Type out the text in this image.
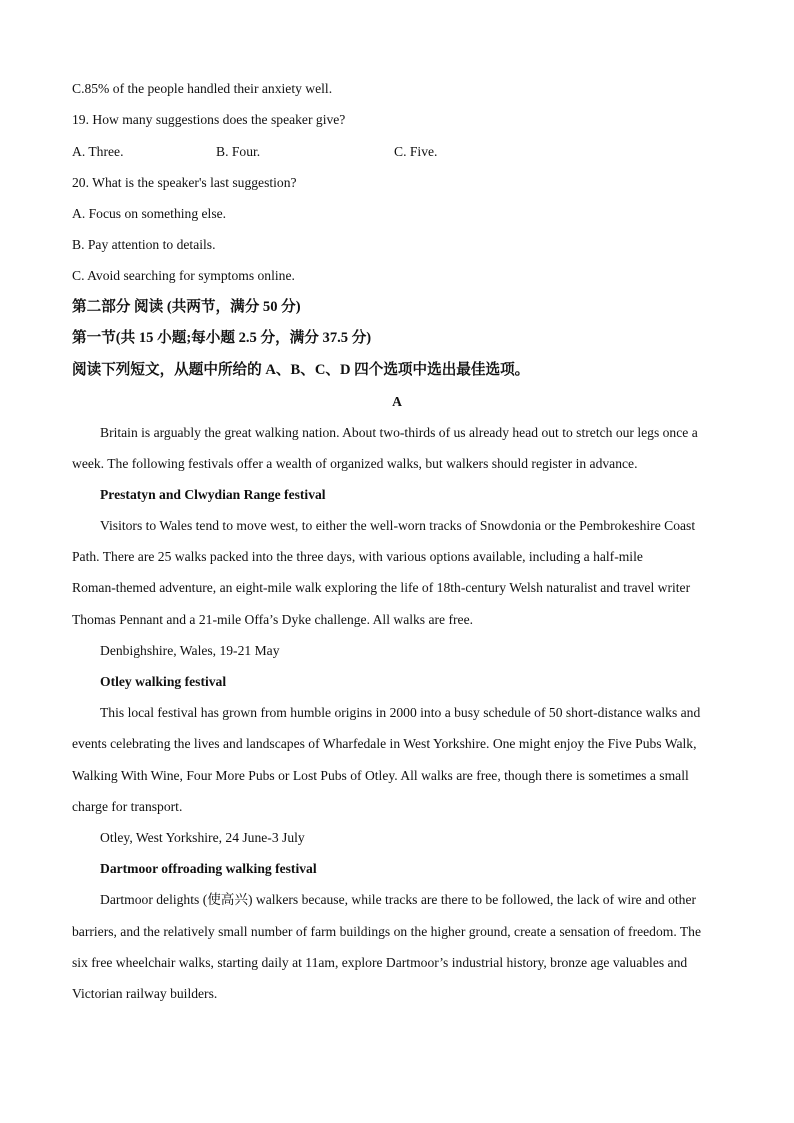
C.85% of the people handled their anxiety well.

19. How many suggestions does the speaker give?

A. Three.	B. Four.	C. Five.

20. What is the speaker's last suggestion?

A. Focus on something else.

B. Pay attention to details.

C. Avoid searching for symptoms online.

第二部分 阅读 (共两节，满分 50 分)

第一节(共 15 小题;每小题 2.5 分，满分 37.5 分)

阅读下列短文，从题中所给的 A、B、C、D 四个选项中选出最佳选项。

A

Britain is arguably the great walking nation. About two-thirds of us already head out to stretch our legs once a

week. The following festivals offer a wealth of organized walks, but walkers should register in advance.

Prestatyn and Clwydian Range festival

Visitors to Wales tend to move west, to either the well-worn tracks of Snowdonia or the Pembrokeshire Coast

Path. There are 25 walks packed into the three days, with various options available, including a half-mile

Roman-themed adventure, an eight-mile walk exploring the life of 18th-century Welsh naturalist and travel writer

Thomas Pennant and a 21-mile Offa’s Dyke challenge. All walks are free.

Denbighshire, Wales, 19-21 May

Otley walking festival

This local festival has grown from humble origins in 2000 into a busy schedule of 50 short-distance walks and

events celebrating the lives and landscapes of Wharfedale in West Yorkshire. One might enjoy the Five Pubs Walk,

Walking With Wine, Four More Pubs or Lost Pubs of Otley. All walks are free, though there is sometimes a small

charge for transport.

Otley, West Yorkshire, 24 June-3 July

Dartmoor offroading walking festival

Dartmoor delights (使高兴) walkers because, while tracks are there to be followed, the lack of wire and other

barriers, and the relatively small number of farm buildings on the higher ground, create a sensation of freedom. The

six free wheelchair walks, starting daily at 11am, explore Dartmoor’s industrial history, bronze age valuables and

Victorian railway builders.
